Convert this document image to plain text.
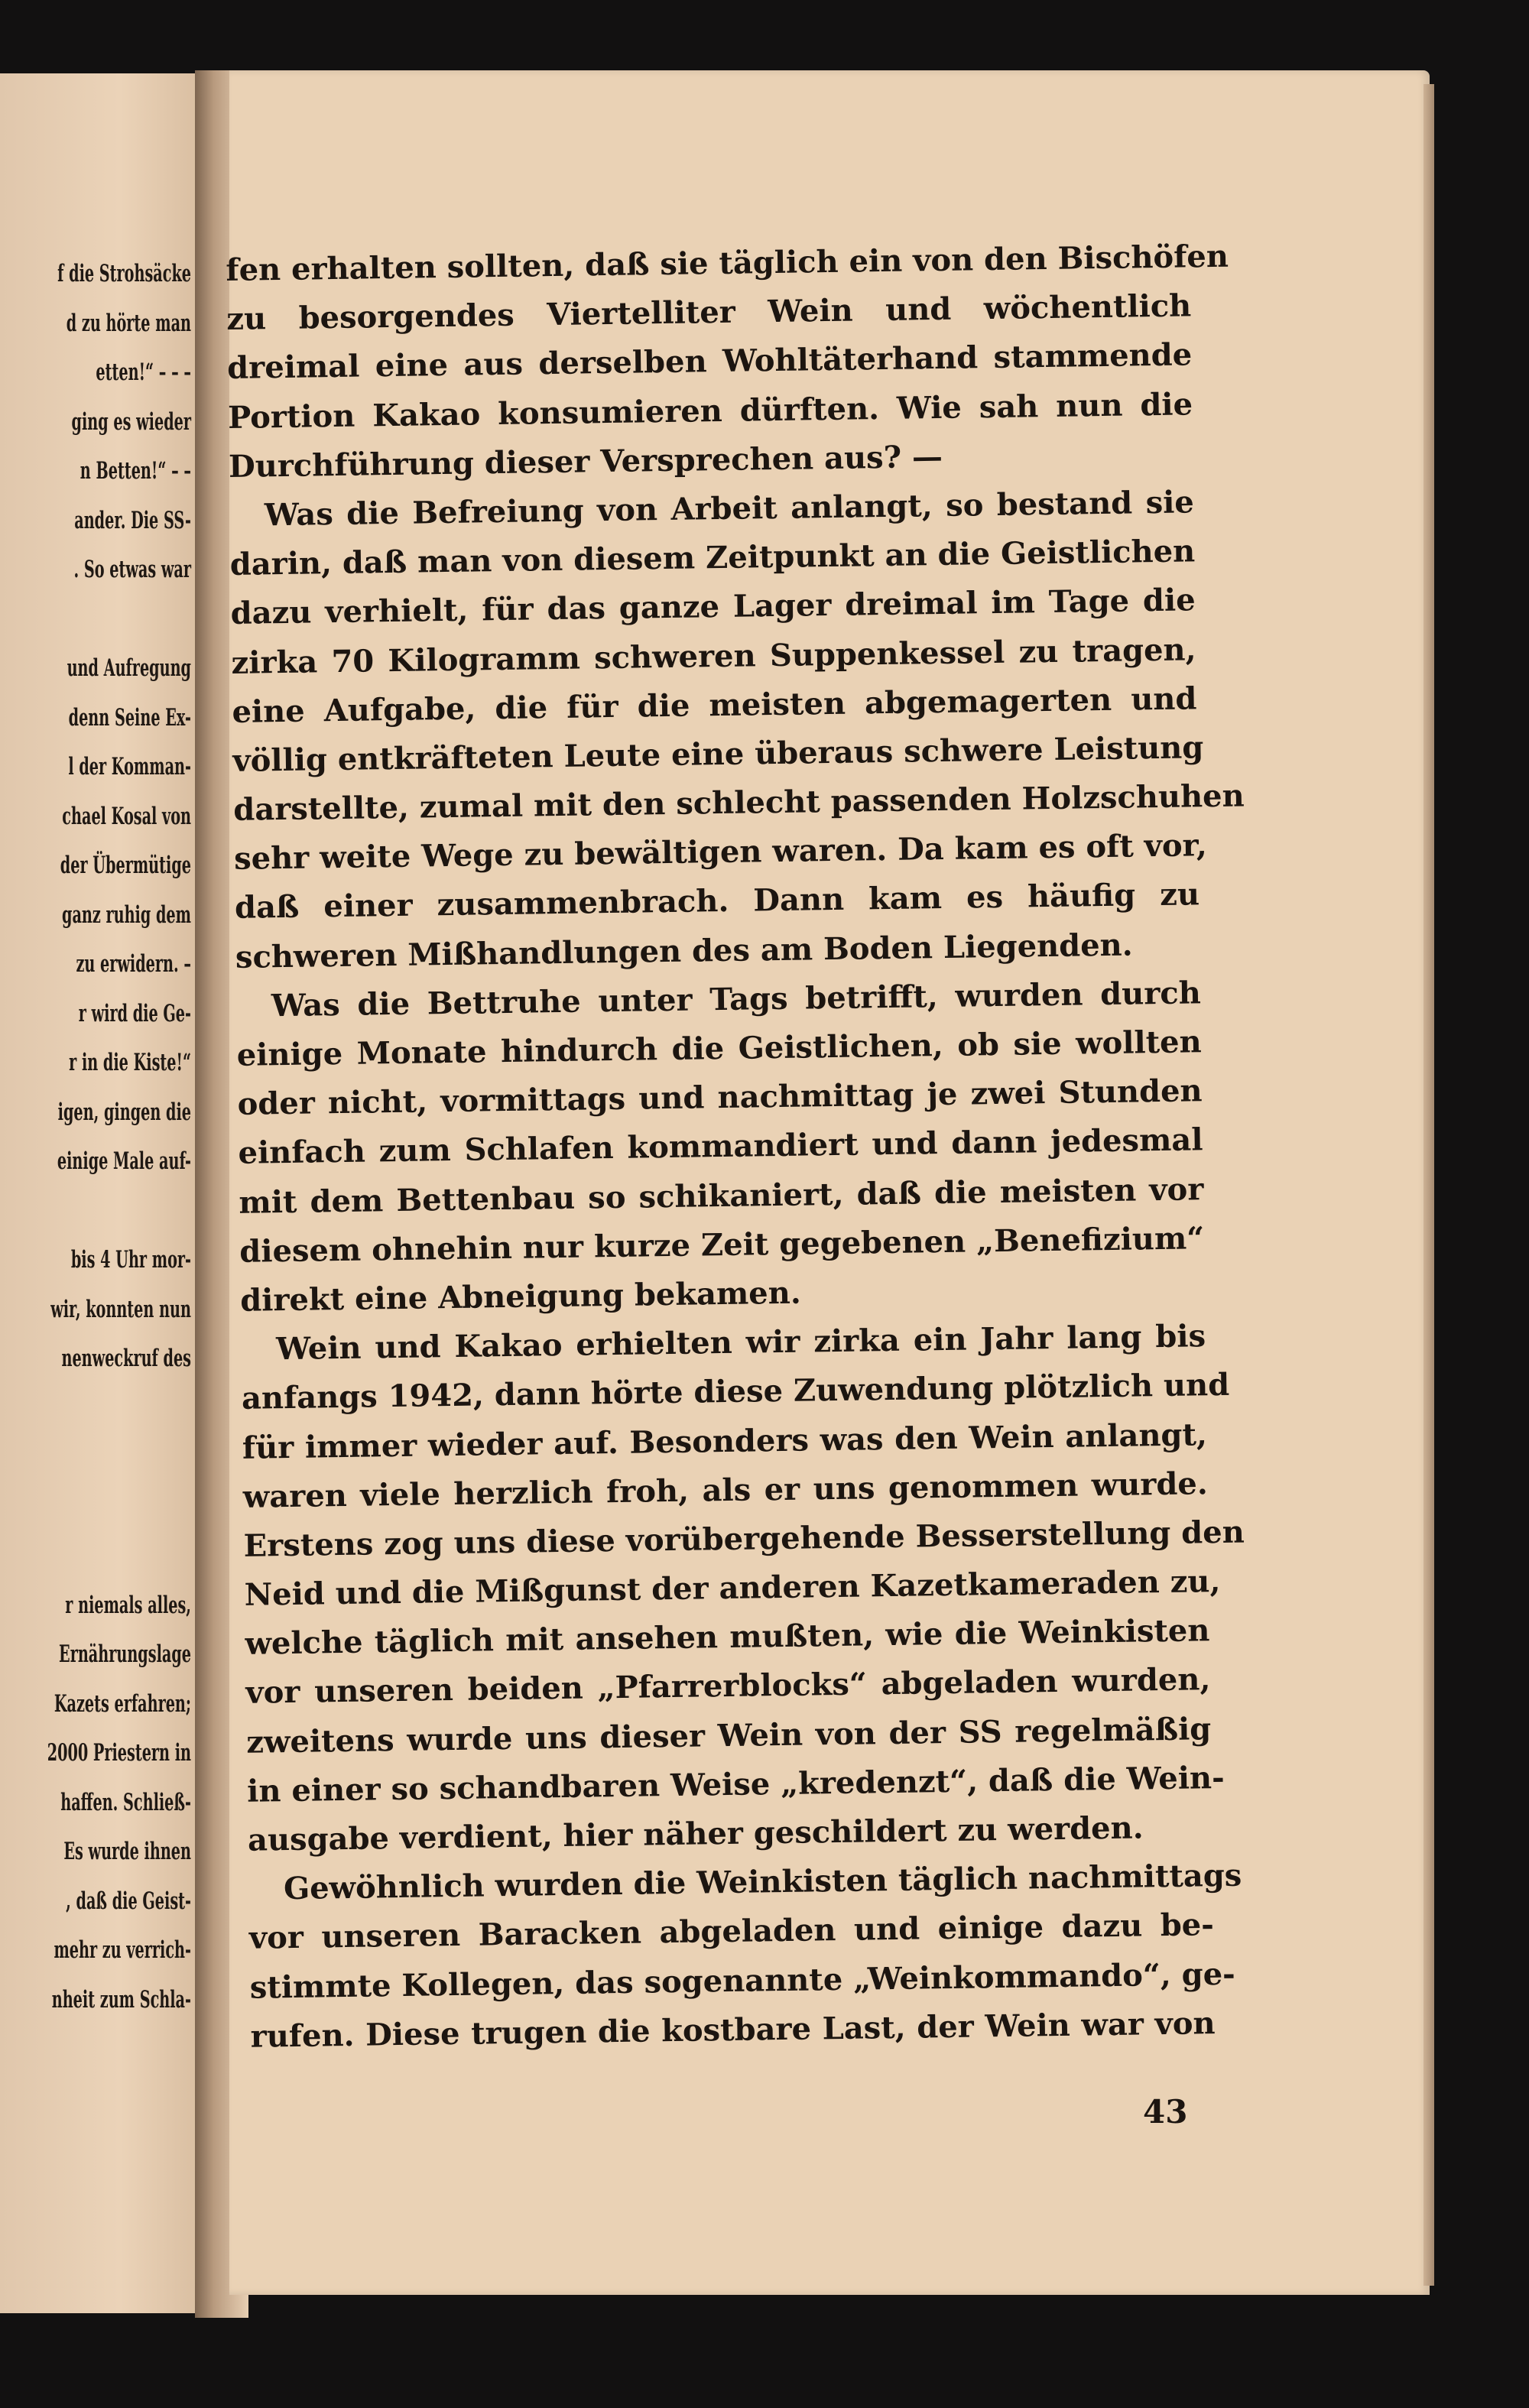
f die Strohsäcke
d zu hörte man
etten!“ – – –
ging es wieder
n Betten!“ – –
ander. Die SS-
. So etwas war
und Aufregung
denn Seine Ex-
l der Komman-
chael Kosal von
der Übermütige
ganz ruhig dem
zu erwidern. –
r wird die Ge-
r in die Kiste!“
igen, gingen die
einige Male auf-
bis 4 Uhr mor-
wir, konnten nun
nenweckruf des
r niemals alles,
Ernährungslage
Kazets erfahren;
2000 Priestern in
haffen. Schließ-
Es wurde ihnen
, daß die Geist-
mehr zu verrich-
nheit zum Schla-
fen erhalten sollten, daß sie täglich ein von den Bischöfen
zu besorgendes Viertelliter Wein und wöchentlich
dreimal eine aus derselben Wohltäterhand stammende
Portion Kakao konsumieren dürften. Wie sah nun die
Durchführung dieser Versprechen aus? —
Was die Befreiung von Arbeit anlangt, so bestand sie
darin, daß man von diesem Zeitpunkt an die Geistlichen
dazu verhielt, für das ganze Lager dreimal im Tage die
zirka 70 Kilogramm schweren Suppenkessel zu tragen,
eine Aufgabe, die für die meisten abgemagerten und
völlig entkräfteten Leute eine überaus schwere Leistung
darstellte, zumal mit den schlecht passenden Holzschuhen
sehr weite Wege zu bewältigen waren. Da kam es oft vor,
daß einer zusammenbrach. Dann kam es häufig zu
schweren Mißhandlungen des am Boden Liegenden.
Was die Bettruhe unter Tags betrifft, wurden durch
einige Monate hindurch die Geistlichen, ob sie wollten
oder nicht, vormittags und nachmittag je zwei Stunden
einfach zum Schlafen kommandiert und dann jedesmal
mit dem Bettenbau so schikaniert, daß die meisten vor
diesem ohnehin nur kurze Zeit gegebenen „Benefizium“
direkt eine Abneigung bekamen.
Wein und Kakao erhielten wir zirka ein Jahr lang bis
anfangs 1942, dann hörte diese Zuwendung plötzlich und
für immer wieder auf. Besonders was den Wein anlangt,
waren viele herzlich froh, als er uns genommen wurde.
Erstens zog uns diese vorübergehende Besserstellung den
Neid und die Mißgunst der anderen Kazetkameraden zu,
welche täglich mit ansehen mußten, wie die Weinkisten
vor unseren beiden „Pfarrerblocks“ abgeladen wurden,
zweitens wurde uns dieser Wein von der SS regelmäßig
in einer so schandbaren Weise „kredenzt“, daß die Wein-
ausgabe verdient, hier näher geschildert zu werden.
Gewöhnlich wurden die Weinkisten täglich nachmittags
vor unseren Baracken abgeladen und einige dazu be-
stimmte Kollegen, das sogenannte „Weinkommando“, ge-
rufen. Diese trugen die kostbare Last, der Wein war von
43
